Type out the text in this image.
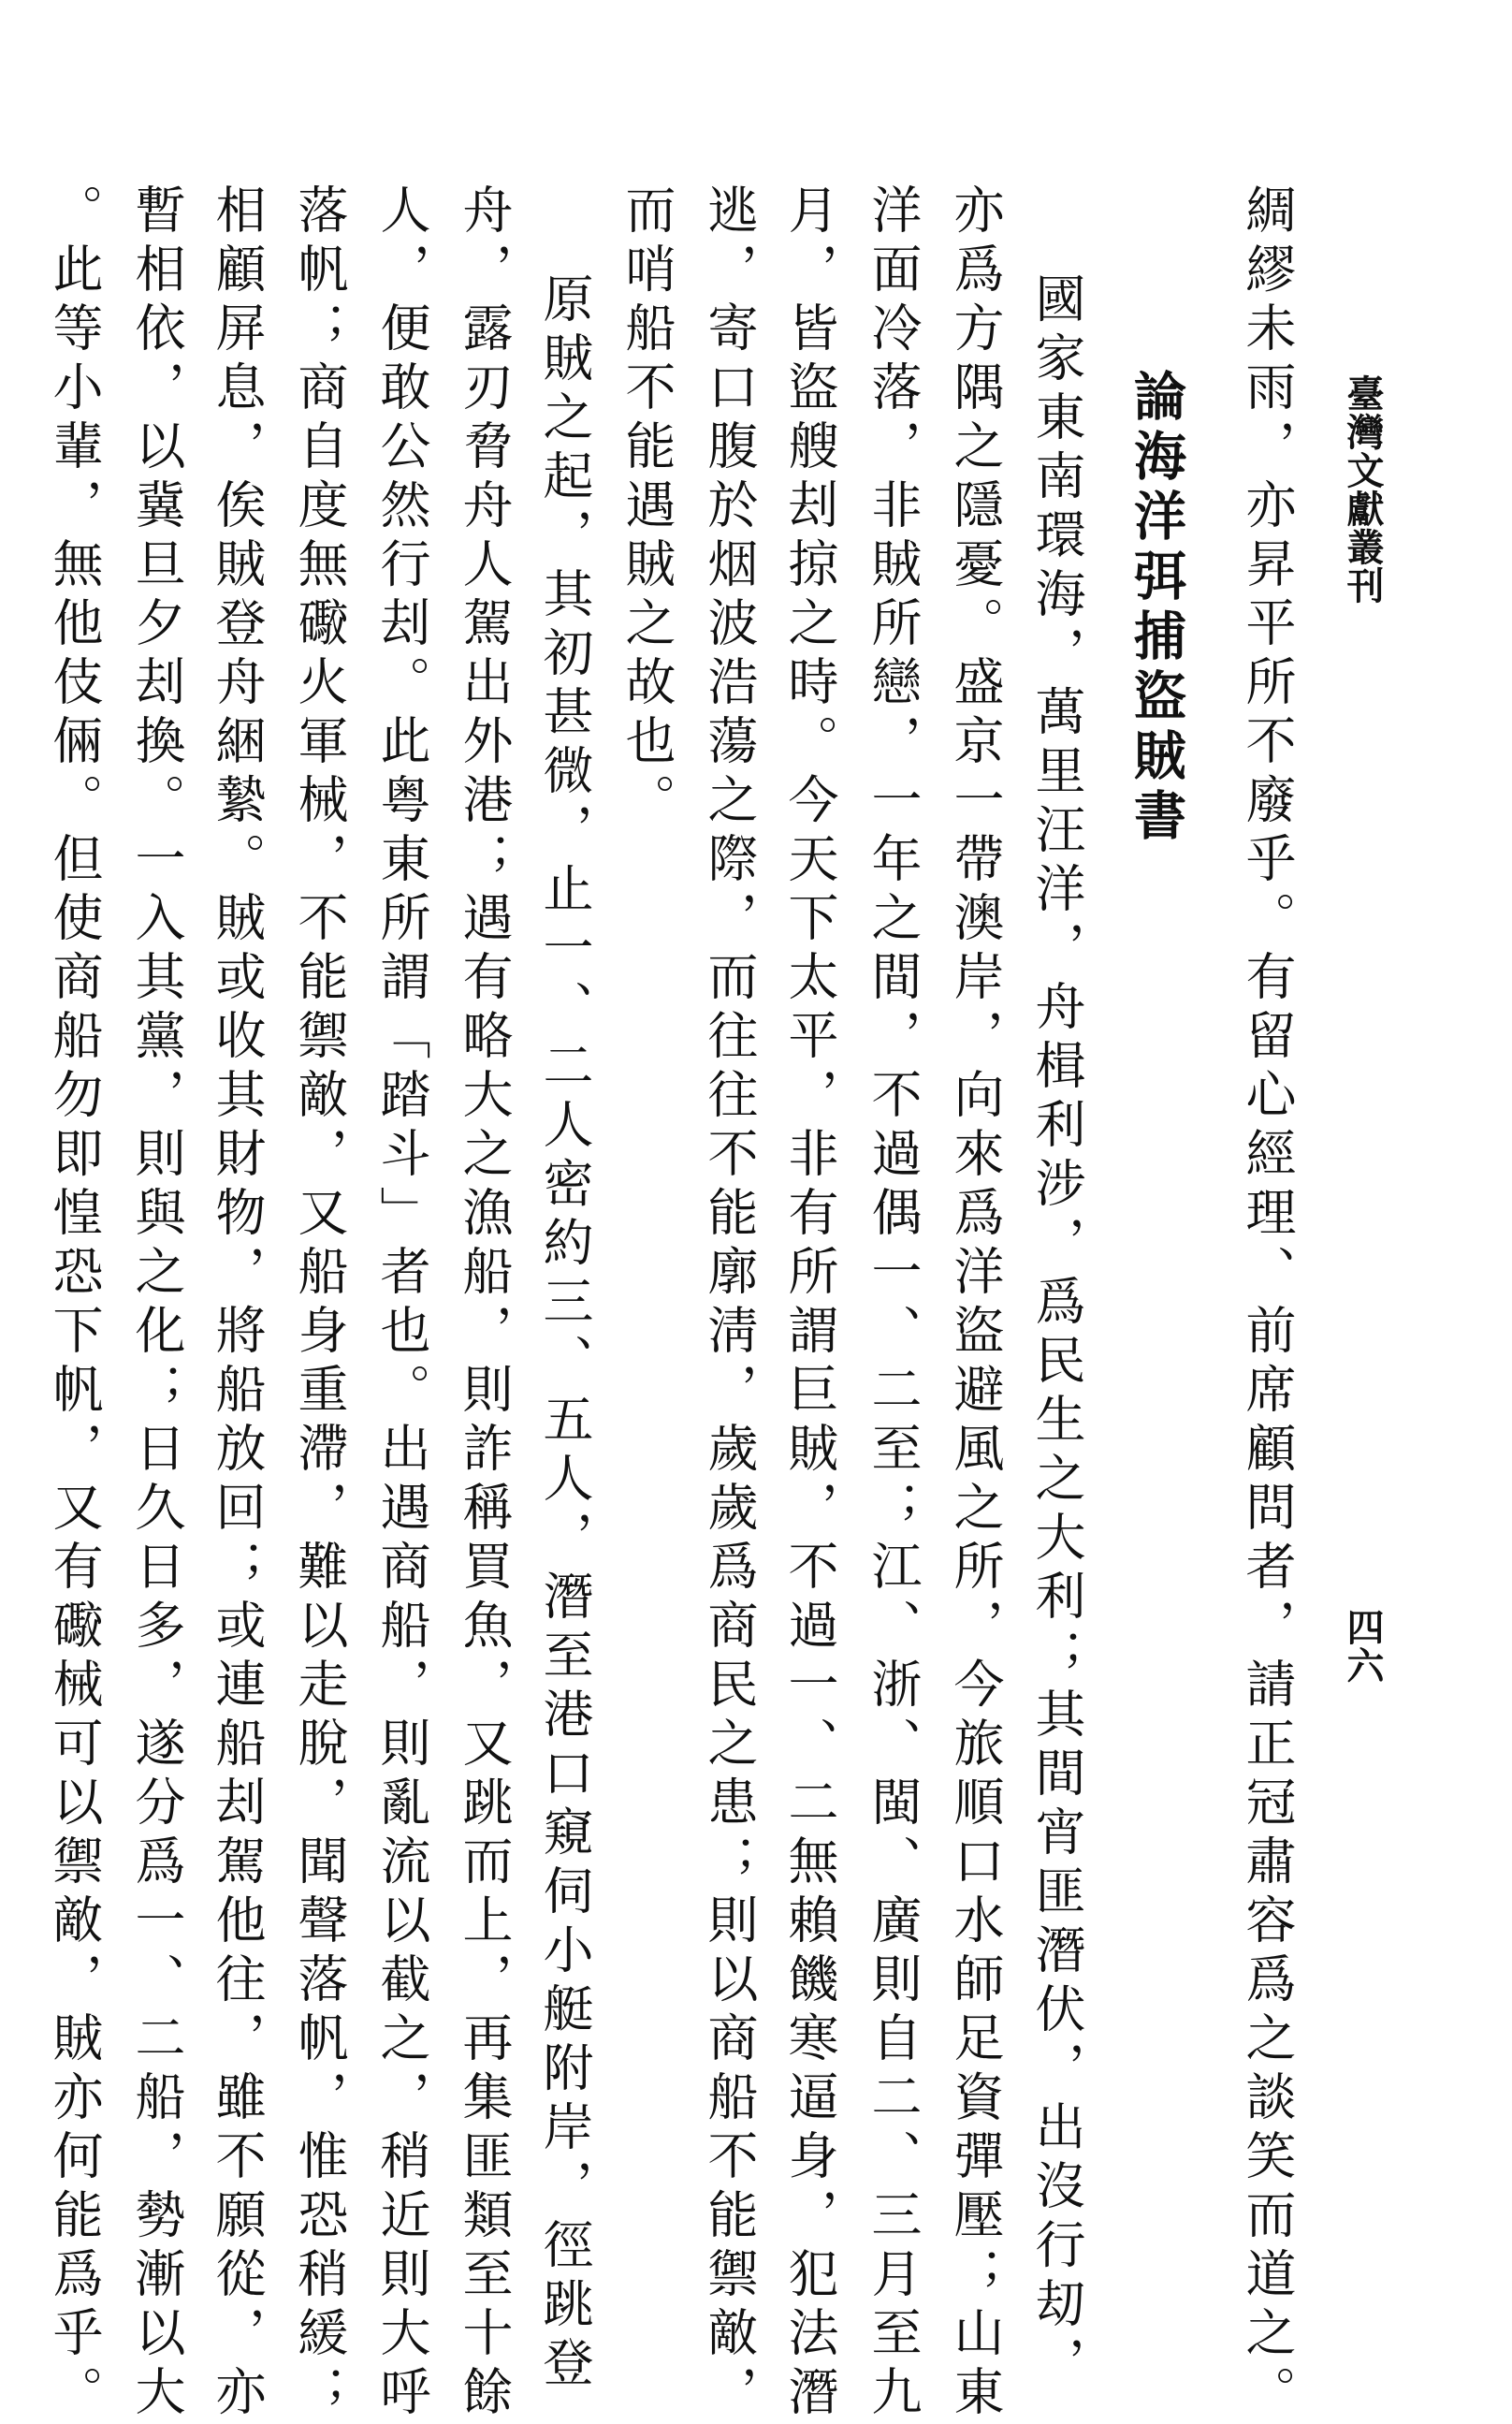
臺灣文獻叢刊
四六
綢繆未雨，亦昇平所不廢乎。有留心經理、前席顧問者，請正冠肅容爲之談笑而道之。
論海洋弭捕盜賊書
國家東南環海，萬里汪洋，舟楫利涉，爲民生之大利；其間宵匪潛伏，出沒行刧，
亦爲方隅之隱憂。盛京一帶澳岸，向來爲洋盜避風之所，今旅順口水師足資彈壓；山東
洋面冷落，非賊所戀，一年之間，不過偶一、二至；江、浙、閩、廣則自二、三月至九
月，皆盜艘刦掠之時。今天下太平，非有所謂巨賊，不過一、二無賴饑寒逼身，犯法潛
逃，寄口腹於烟波浩蕩之際，而往往不能廓淸，歲歲爲商民之患；則以商船不能禦敵，
而哨船不能遇賊之故也。
原賊之起，其初甚微，止一、二人密約三、五人，潛至港口窺伺小艇附岸，徑跳登
舟，露刃脅舟人駕出外港；遇有略大之漁船，則詐稱買魚，又跳而上，再集匪類至十餘
人，便敢公然行刦。此粤東所謂「踏斗」者也。出遇商船，則亂流以截之，稍近則大呼
落帆；商自度無礮火軍械，不能禦敵，又船身重滯，難以走脫，聞聲落帆，惟恐稍緩；
相顧屏息，俟賊登舟綑縶。賊或收其財物，將船放回；或連船刦駕他往，雖不願從，亦
暫相依，以冀旦夕刦換。一入其黨，則與之化；日久日多，遂分爲一、二船，勢漸以大
。此等小輩，無他伎倆。但使商船勿即惶恐下帆，又有礮械可以禦敵，賊亦何能爲乎。
